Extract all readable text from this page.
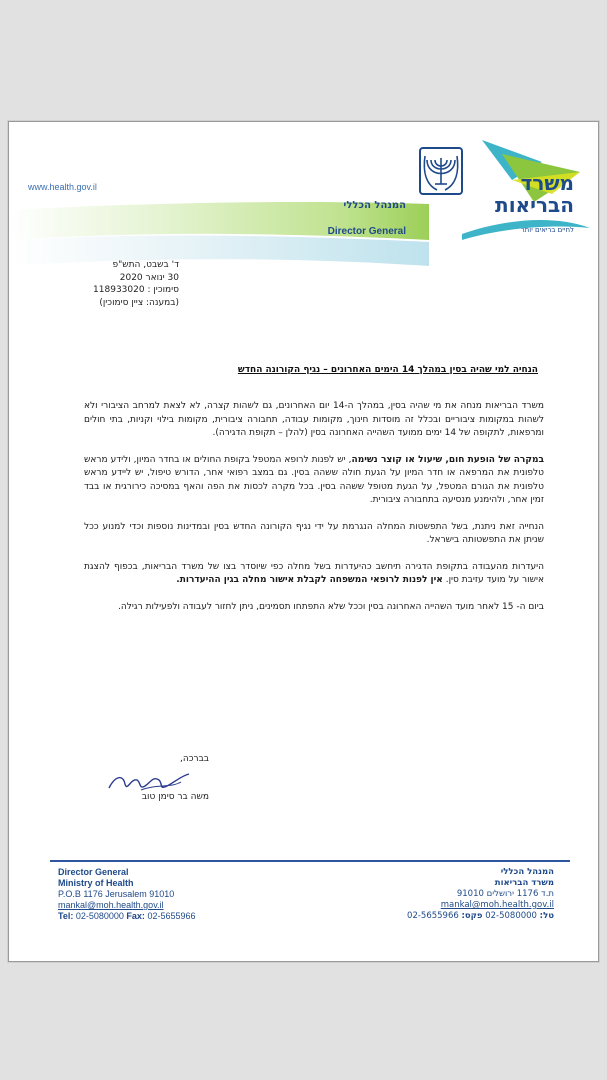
www.health.gov.il	משרד
הבריאות
לחיים בריאים יותר
המנהל הכללי
Director General
ד' בשבט, התש"פ
30 ינואר 2020
סימוכין : 118933020
(במענה: ציין סימוכין)
הנחיה למי שהיה בסין במהלך 14 הימים האחרונים – נגיף הקורונה החדש

משרד הבריאות מנחה את מי שהיה בסין, במהלך ה-14 יום האחרונים, גם לשהות קצרה, לא לצאת למרחב הציבורי ולא לשהות במקומות ציבוריים ובכלל זה מוסדות חינוך, מקומות עבודה, תחבורה ציבורית, מקומות בילוי וקניות, בתי חולים ומרפאות, לתקופה של 14 ימים ממועד השהייה האחרונה בסין (להלן – תקופת הדגירה).

במקרה של הופעת חום, שיעול או קוצר נשימה, יש לפנות לרופא המטפל בקופת החולים או בחדר המיון, ולידע מראש טלפונית את המרפאה או חדר המיון על הגעת חולה ששהה בסין. גם במצב רפואי אחר, הדורש טיפול, יש ליידע מראש טלפונית את הגורם המטפל, על הגעת מטופל ששהה בסין. בכל מקרה לכסות את הפה והאף במסיכה כירורגית או בבד זמין אחר, ולהימנע מנסיעה בתחבורה ציבורית.

הנחייה זאת ניתנת, בשל התפשטות המחלה הנגרמת על ידי נגיף הקורונה החדש בסין ובמדינות נוספות וכדי למנוע ככל שניתן את התפשטותה בישראל.

היעדרות מהעבודה בתקופת הדגירה תיחשב כהיעדרות בשל מחלה כפי שיוסדר בצו של משרד הבריאות, בכפוף להצגת אישור על מועד עזיבת סין. אין לפנות לרופאי המשפחה לקבלת אישור מחלה בגין ההיעדרות.

ביום ה- 15 לאחר מועד השהייה האחרונה בסין וככל שלא התפתחו תסמינים, ניתן לחזור לעבודה ולפעילות רגילה.

בברכה,
משה בר סימן טוב
Director General
Ministry of Health
P.O.B 1176 Jerusalem 91010
mankal@moh.health.gov.il
Tel: 02-5080000 Fax: 02-5655966
המנהל הכללי
משרד הבריאות
ת.ד 1176 ירושלים 91010
mankal@moh.health.gov.il
טל: 02-5080000 פקס: 02-5655966
